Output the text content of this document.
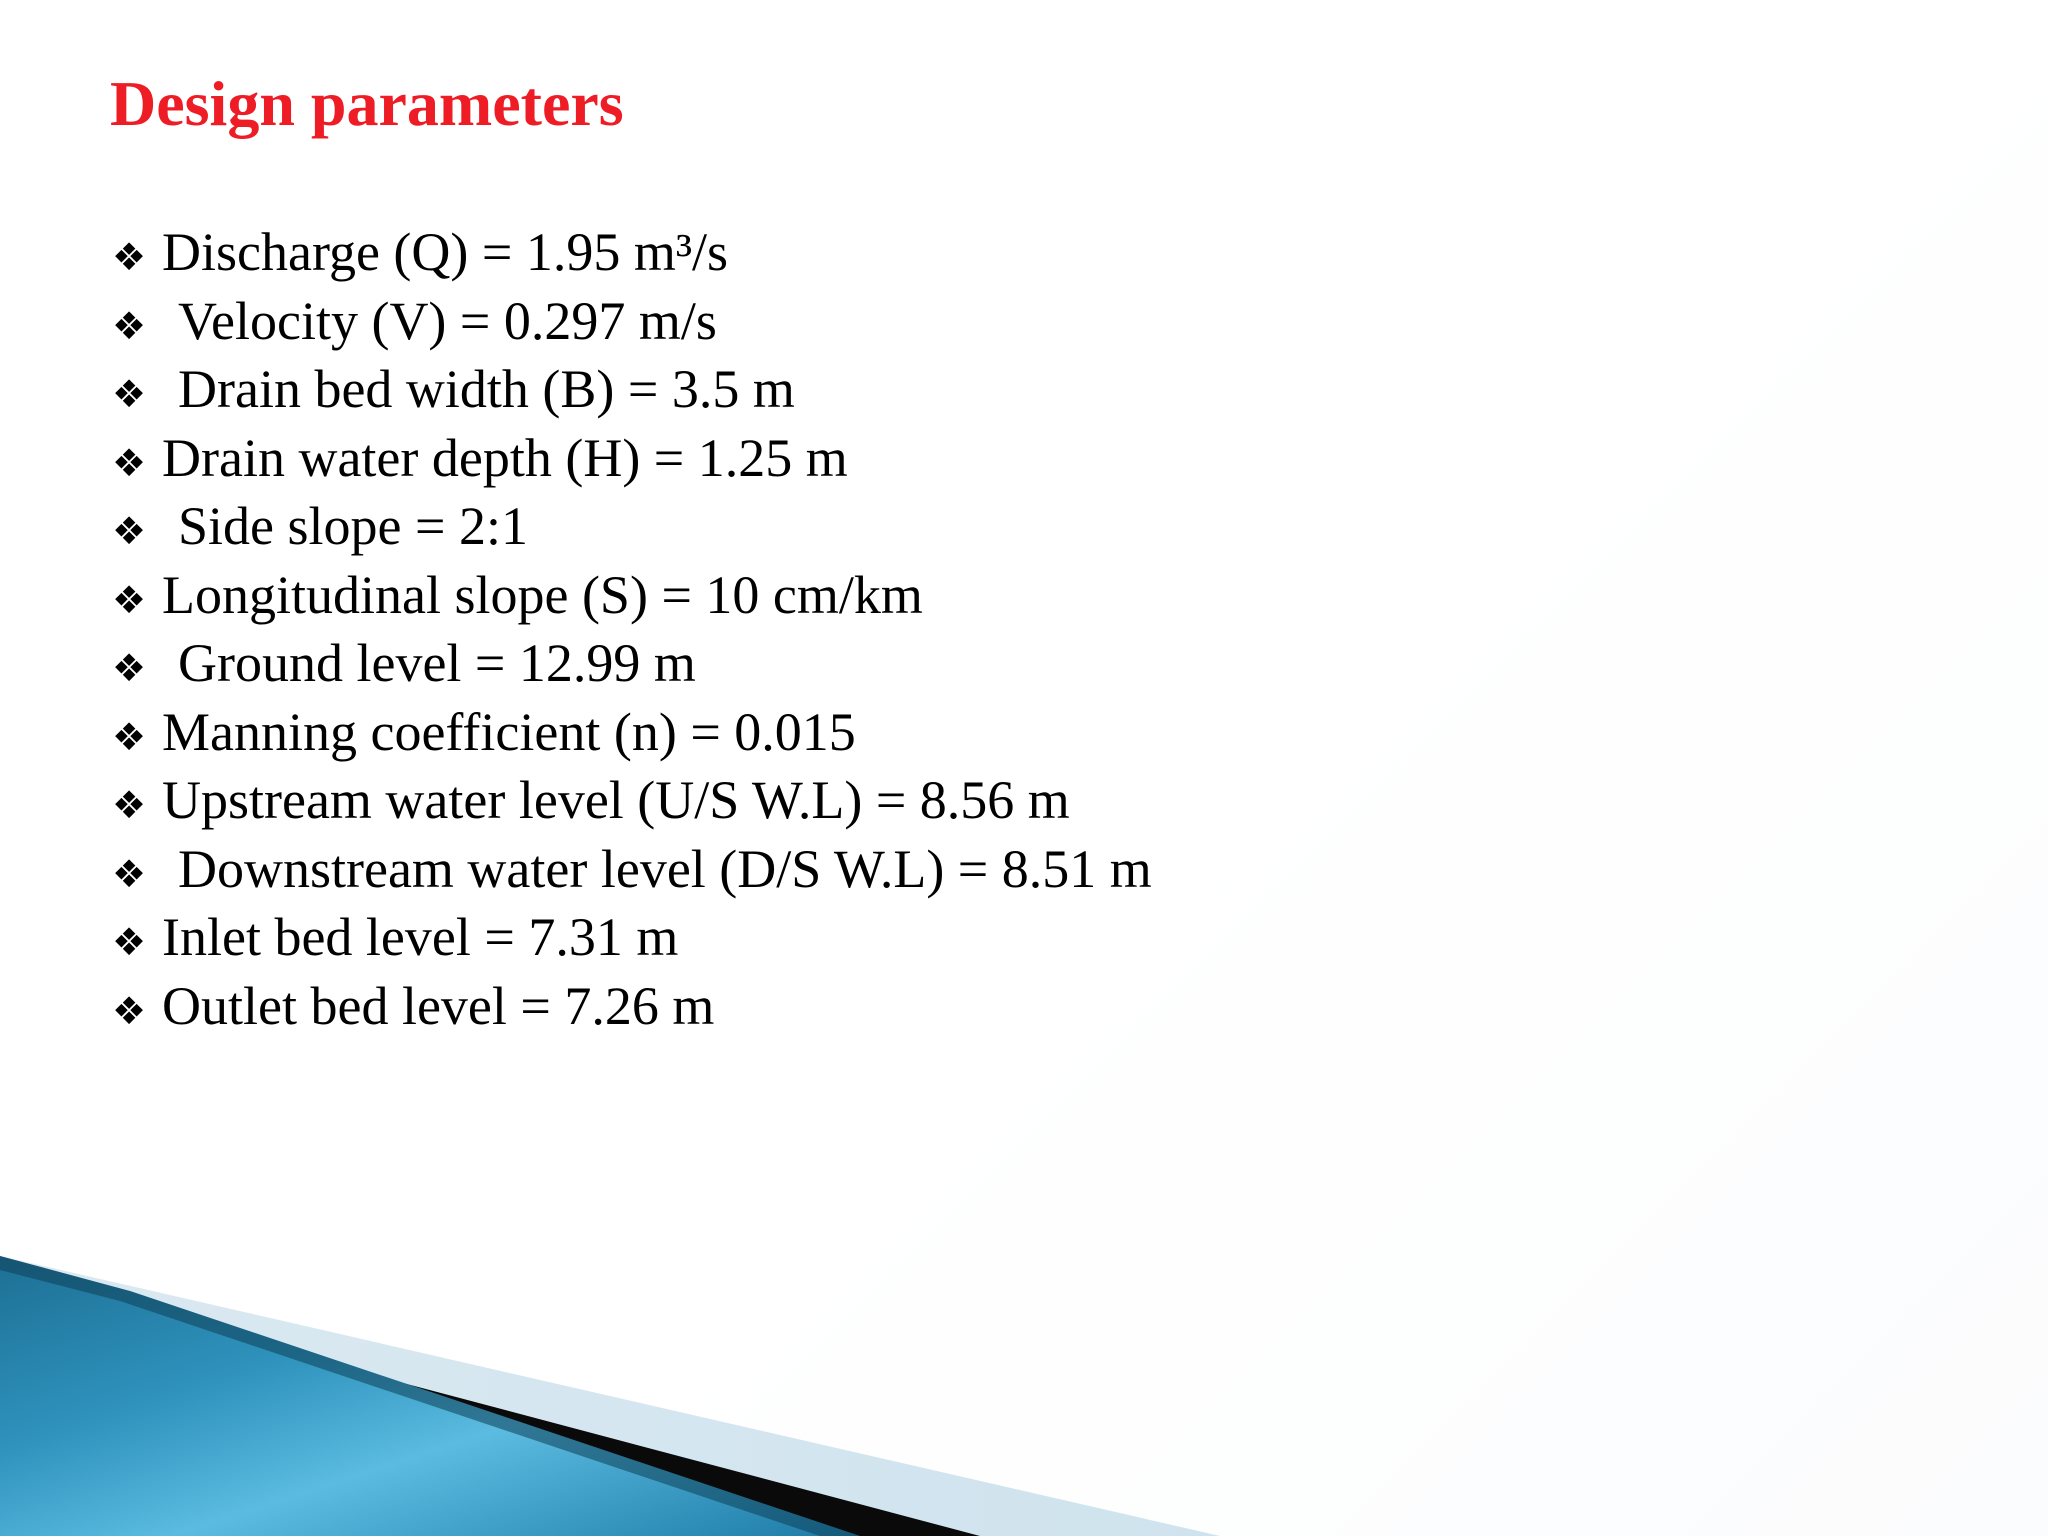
Design parameters
❖ Discharge (Q) = 1.95 m³/s
❖ Velocity (V) = 0.297 m/s
❖ Drain bed width (B) = 3.5 m
❖ Drain water depth (H) = 1.25 m
❖ Side slope = 2:1
❖ Longitudinal slope (S) = 10 cm/km
❖ Ground level = 12.99 m
❖ Manning coefficient (n) = 0.015
❖ Upstream water level (U/S W.L) = 8.56 m
❖ Downstream water level (D/S W.L) = 8.51 m
❖ Inlet bed level = 7.31 m
❖ Outlet bed level = 7.26 m
